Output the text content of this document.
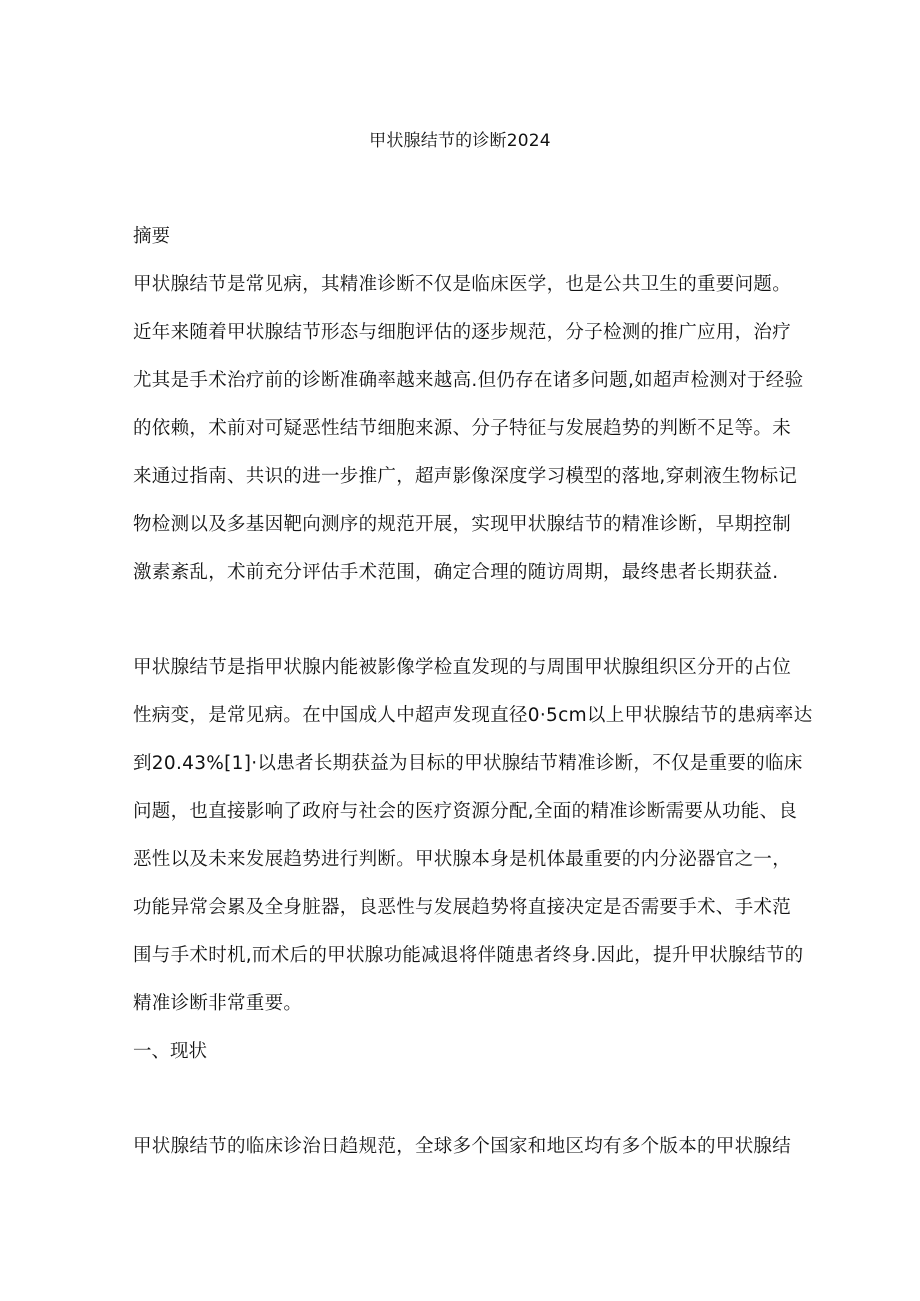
甲状腺结节的诊断2024
摘要
甲状腺结节是常见病，其精准诊断不仅是临床医学，也是公共卫生的重要问题。
近年来随着甲状腺结节形态与细胞评估的逐步规范，分子检测的推广应用，治疗
尤其是手术治疗前的诊断准确率越来越高.但仍存在诸多问题,如超声检测对于经验
的依赖，术前对可疑恶性结节细胞来源、分子特征与发展趋势的判断不足等。未
来通过指南、共识的进一步推广，超声影像深度学习模型的落地,穿刺液生物标记
物检测以及多基因靶向测序的规范开展，实现甲状腺结节的精准诊断，早期控制
激素紊乱，术前充分评估手术范围，确定合理的随访周期，最终患者长期获益.
甲状腺结节是指甲状腺内能被影像学检直发现的与周围甲状腺组织区分开的占位
性病变，是常见病。在中国成人中超声发现直径0·5cm以上甲状腺结节的患病率达
到20.43%[1]·以患者长期获益为目标的甲状腺结节精准诊断，不仅是重要的临床
问题，也直接影响了政府与社会的医疗资源分配,全面的精准诊断需要从功能、良
恶性以及未来发展趋势进行判断。甲状腺本身是机体最重要的内分泌器官之一，
功能异常会累及全身脏器，良恶性与发展趋势将直接决定是否需要手术、手术范
围与手术时机,而术后的甲状腺功能减退将伴随患者终身.因此，提升甲状腺结节的
精准诊断非常重要。
一、现状
甲状腺结节的临床诊治日趋规范，全球多个国家和地区均有多个版本的甲状腺结
